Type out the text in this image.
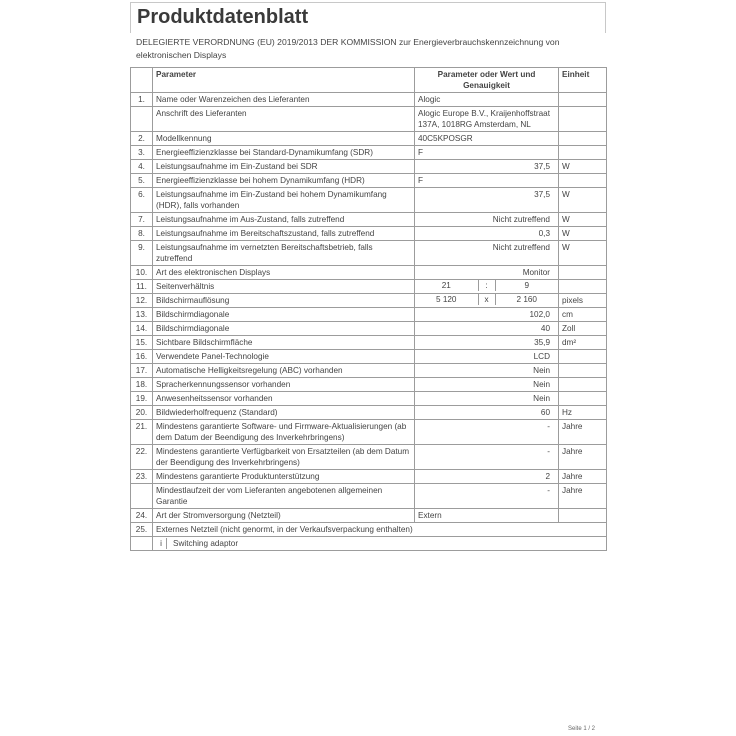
Produktdatenblatt
DELEGIERTE VERORDNUNG (EU) 2019/2013 DER KOMMISSION zur Energieverbrauchskennzeichnung von elektronischen Displays
	Parameter	Parameter oder Wert und Genauigkeit	Einheit
1.	Name oder Warenzeichen des Lieferanten	Alogic	
	Anschrift des Lieferanten	Alogic Europe B.V., Kraijenhoffstraat 137A, 1018RG Amsterdam, NL	
2.	Modellkennung	40C5KPOSGR	
3.	Energieeffizienzklasse bei Standard-Dynamikumfang (SDR)	F	
4.	Leistungsaufnahme im Ein-Zustand bei SDR	37,5	W
5.	Energieeffizienzklasse bei hohem Dynamikumfang (HDR)	F	
6.	Leistungsaufnahme im Ein-Zustand bei hohem Dynamikumfang (HDR), falls vorhanden	37,5	W
7.	Leistungsaufnahme im Aus-Zustand, falls zutreffend	Nicht zutreffend	W
8.	Leistungsaufnahme im Bereitschaftszustand, falls zutreffend	0,3	W
9.	Leistungsaufnahme im vernetzten Bereitschaftsbetrieb, falls zutreffend	Nicht zutreffend	W
10.	Art des elektronischen Displays	Monitor	
11.	Seitenverhältnis	21 : 9	

12.	Bildschirmauflösung	5 120 x 2 160	pixels
13.	Bildschirmdiagonale	102,0	cm
14.	Bildschirmdiagonale	40	Zoll
15.	Sichtbare Bildschirmfläche	35,9	dm²
16.	Verwendete Panel-Technologie	LCD	
17.	Automatische Helligkeitsregelung (ABC) vorhanden	Nein	
18.	Spracherkennungssensor vorhanden	Nein	
19.	Anwesenheitssensor vorhanden	Nein	
20.	Bildwiederholfrequenz (Standard)	60	Hz
21.	Mindestens garantierte Software- und Firmware-Aktualisierungen (ab dem Datum der Beendigung des Inverkehrbringens)	-	Jahre
22.	Mindestens garantierte Verfügbarkeit von Ersatzteilen (ab dem Datum der Beendigung des Inverkehrbringens)	-	Jahre
23.	Mindestens garantierte Produktunterstützung	2	Jahre
	Mindestlaufzeit der vom Lieferanten angebotenen allgemeinen Garantie	-	Jahre
24.	Art der Stromversorgung (Netzteil)	Extern	
25.	Externes Netzteil (nicht genormt, in der Verkaufsverpackung enthalten)		

	i Switching adaptor		
Seite 1 / 2
